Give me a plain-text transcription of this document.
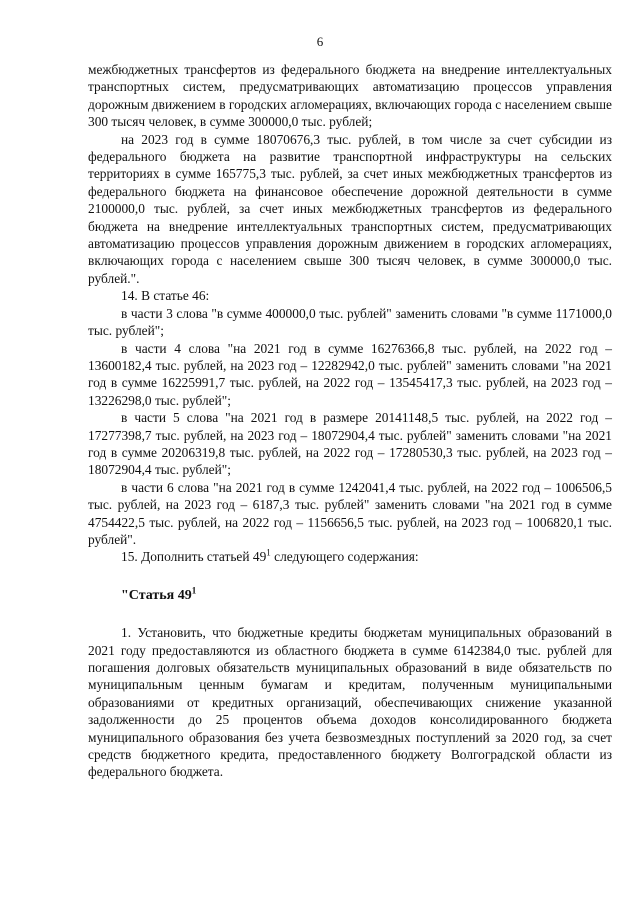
6

межбюджетных трансфертов из федерального бюджета на внедрение интеллектуальных транспортных систем, предусматривающих автоматизацию процессов управления дорожным движением в городских агломерациях, включающих города с населением свыше 300 тысяч человек, в сумме 300000,0 тыс. рублей;

на 2023 год в сумме 18070676,3 тыс. рублей, в том числе за счет субсидии из федерального бюджета на развитие транспортной инфраструктуры на сельских территориях в сумме 165775,3 тыс. рублей, за счет иных межбюджетных трансфертов из федерального бюджета на финансовое обеспечение дорожной деятельности в сумме 2100000,0 тыс. рублей, за счет иных межбюджетных трансфертов из федерального бюджета на внедрение интеллектуальных транспортных систем, предусматривающих автоматизацию процессов управления дорожным движением в городских агломерациях, включающих города с населением свыше 300 тысяч человек, в сумме 300000,0 тыс. рублей.".

14. В статье 46:

в части 3 слова "в сумме 400000,0 тыс. рублей" заменить словами "в сумме 1171000,0 тыс. рублей";

в части 4 слова "на 2021 год в сумме 16276366,8 тыс. рублей, на 2022 год – 13600182,4 тыс. рублей, на 2023 год – 12282942,0 тыс. рублей" заменить словами "на 2021 год в сумме 16225991,7 тыс. рублей, на 2022 год – 13545417,3 тыс. рублей, на 2023 год – 13226298,0 тыс. рублей";

в части 5 слова "на 2021 год в размере 20141148,5 тыс. рублей, на 2022 год – 17277398,7 тыс. рублей, на 2023 год – 18072904,4 тыс. рублей" заменить словами "на 2021 год в сумме 20206319,8 тыс. рублей, на 2022 год – 17280530,3 тыс. рублей, на 2023 год – 18072904,4 тыс. рублей";

в части 6 слова "на 2021 год в сумме 1242041,4 тыс. рублей, на 2022 год – 1006506,5 тыс. рублей, на 2023 год – 6187,3 тыс. рублей" заменить словами "на 2021 год в сумме 4754422,5 тыс. рублей, на 2022 год – 1156656,5 тыс. рублей, на 2023 год – 1006820,1 тыс. рублей".

15. Дополнить статьей $49^1$ следующего содержания:

"Статья $49^1$

1. Установить, что бюджетные кредиты бюджетам муниципальных образований в 2021 году предоставляются из областного бюджета в сумме 6142384,0 тыс. рублей для погашения долговых обязательств муниципальных образований в виде обязательств по муниципальным ценным бумагам и кредитам, полученным муниципальными образованиями от кредитных организаций, обеспечивающих снижение указанной задолженности до 25 процентов объема доходов консолидированного бюджета муниципального образования без учета безвозмездных поступлений за 2020 год, за счет средств бюджетного кредита, предоставленного бюджету Волгоградской области из федерального бюджета.
